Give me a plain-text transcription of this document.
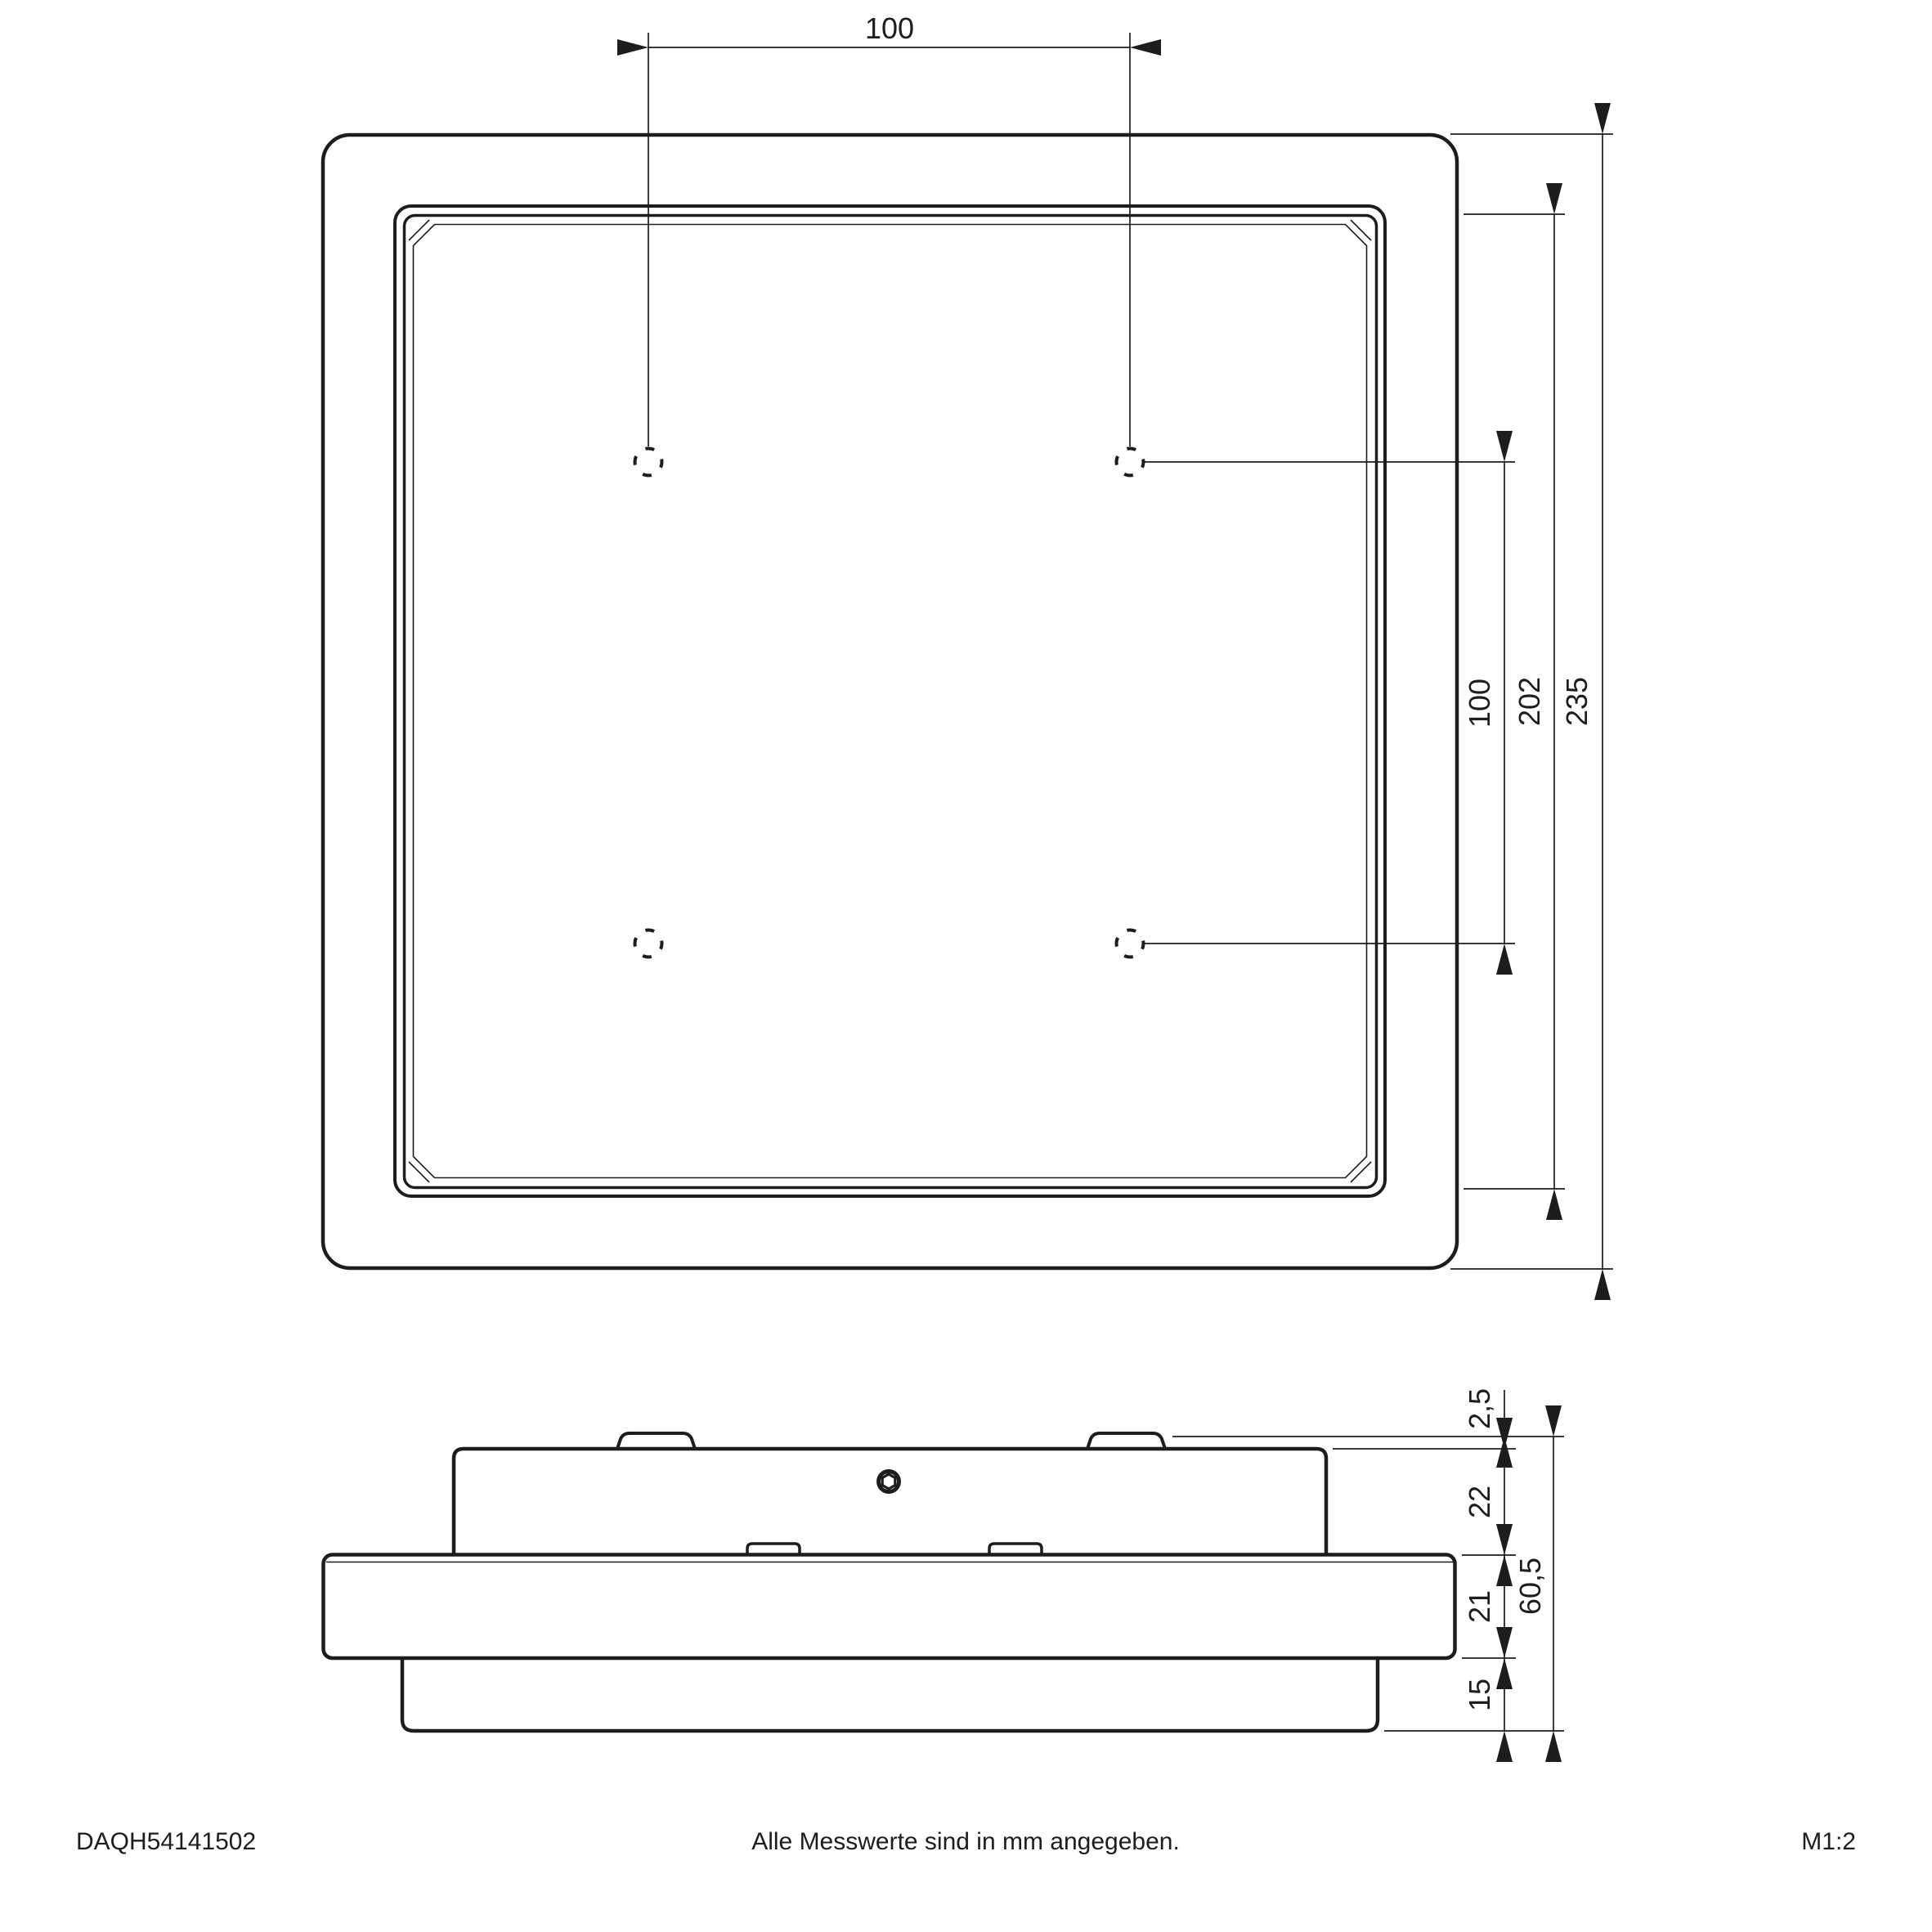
100
100 202 235
2,5
22
21
15
60,5
DAQH54141502	Alle Messwerte sind in mm angegeben.	M1:2
